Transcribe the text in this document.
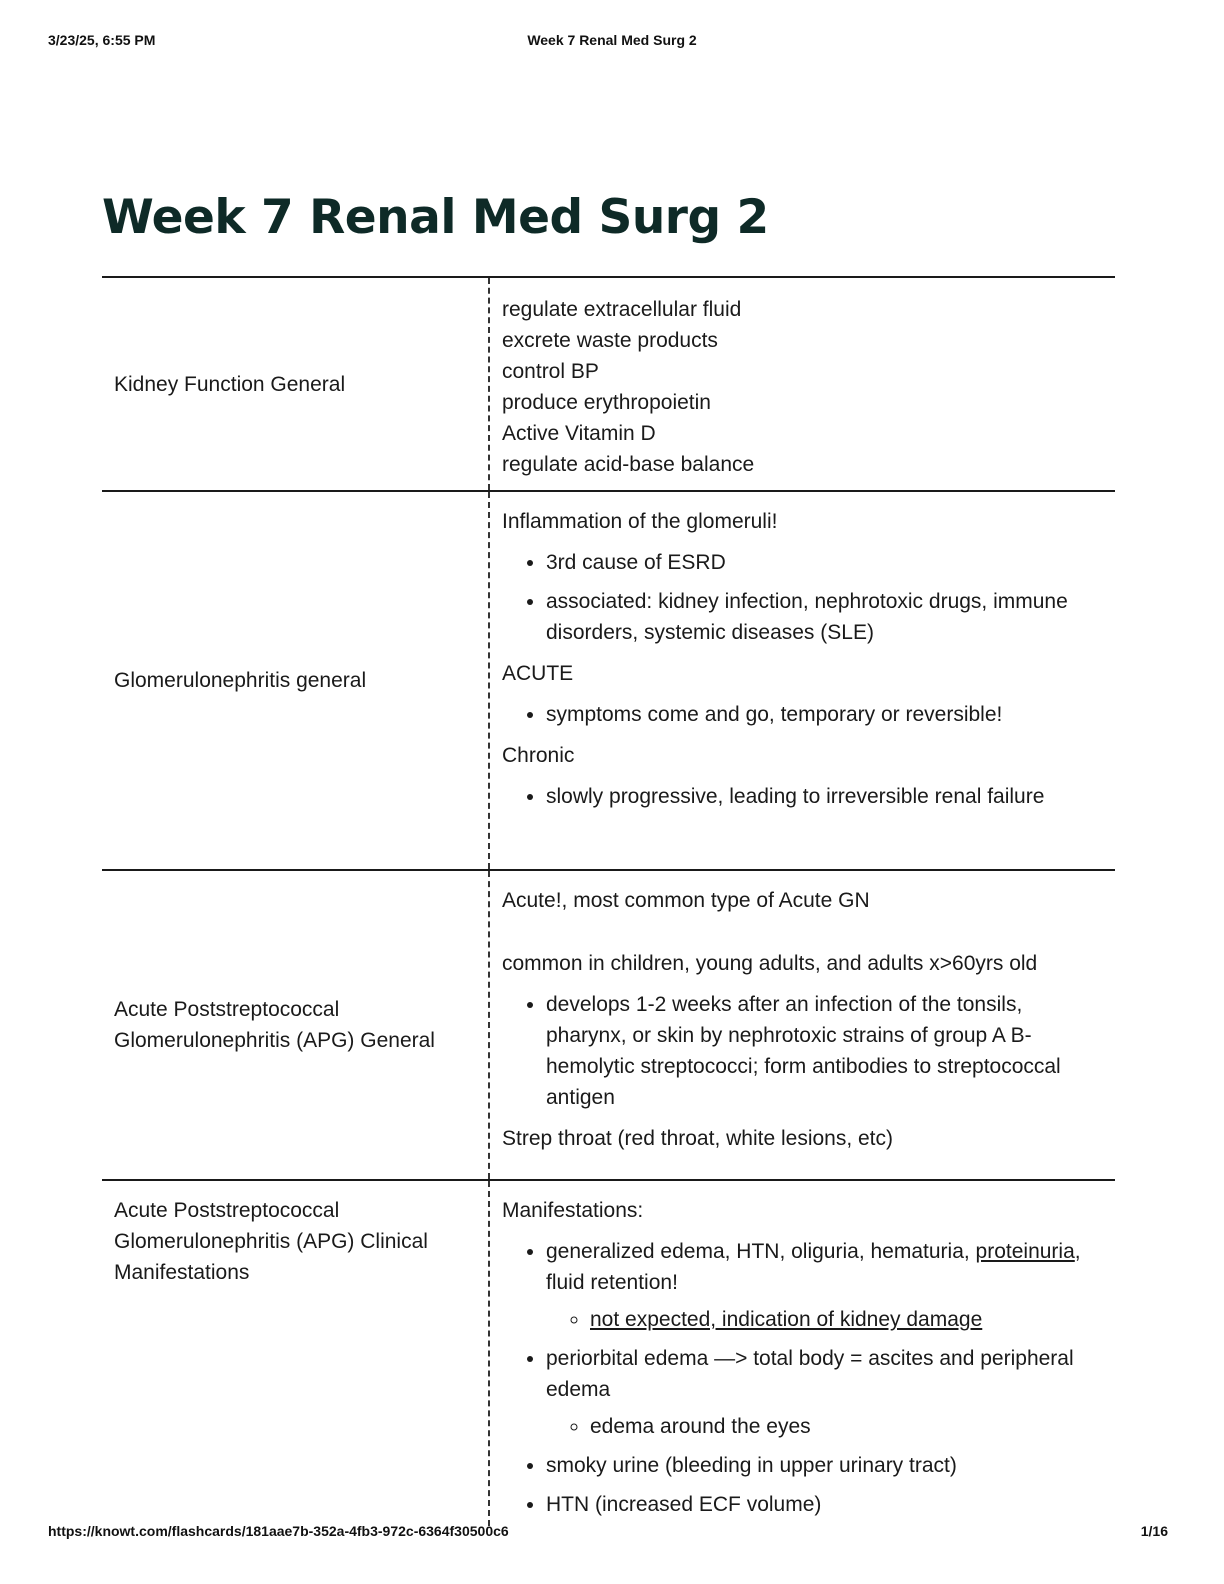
Week 7 Renal Med Surg 2
3/23/25, 6:55 PM
Week 7 Renal Med Surg 2
Kidney Function General
regulate extracellular fluid
excrete waste products
control BP
produce erythropoietin
Active Vitamin D
regulate acid-base balance
Glomerulonephritis general

Inflammation of the glomeruli!

• 3rd cause of ESRD
• associated: kidney infection, nephrotoxic drugs, immune disorders, systemic diseases (SLE)

ACUTE

• symptoms come and go, temporary or reversible!

Chronic

• slowly progressive, leading to irreversible renal failure
Acute Poststreptococcal Glomerulonephritis (APG) General

Acute!, most common type of Acute GN

common in children, young adults, and adults x>60yrs old

• develops 1-2 weeks after an infection of the tonsils, pharynx, or skin by nephrotoxic strains of group A B-hemolytic streptococci; form antibodies to streptococcal antigen

Strep throat (red throat, white lesions, etc)

Acute Poststreptococcal Glomerulonephritis (APG) Clinical Manifestations

Manifestations:

• generalized edema, HTN, oliguria, hematuria, proteinuria, fluid retention!
◦ not expected, indication of kidney damage
• periorbital edema —> total body = ascites and peripheral edema
◦ edema around the eyes
• smoky urine (bleeding in upper urinary tract)
• HTN (increased ECF volume)
https://knowt.com/flashcards/181aae7b-352a-4fb3-972c-6364f30500c6	1/16
